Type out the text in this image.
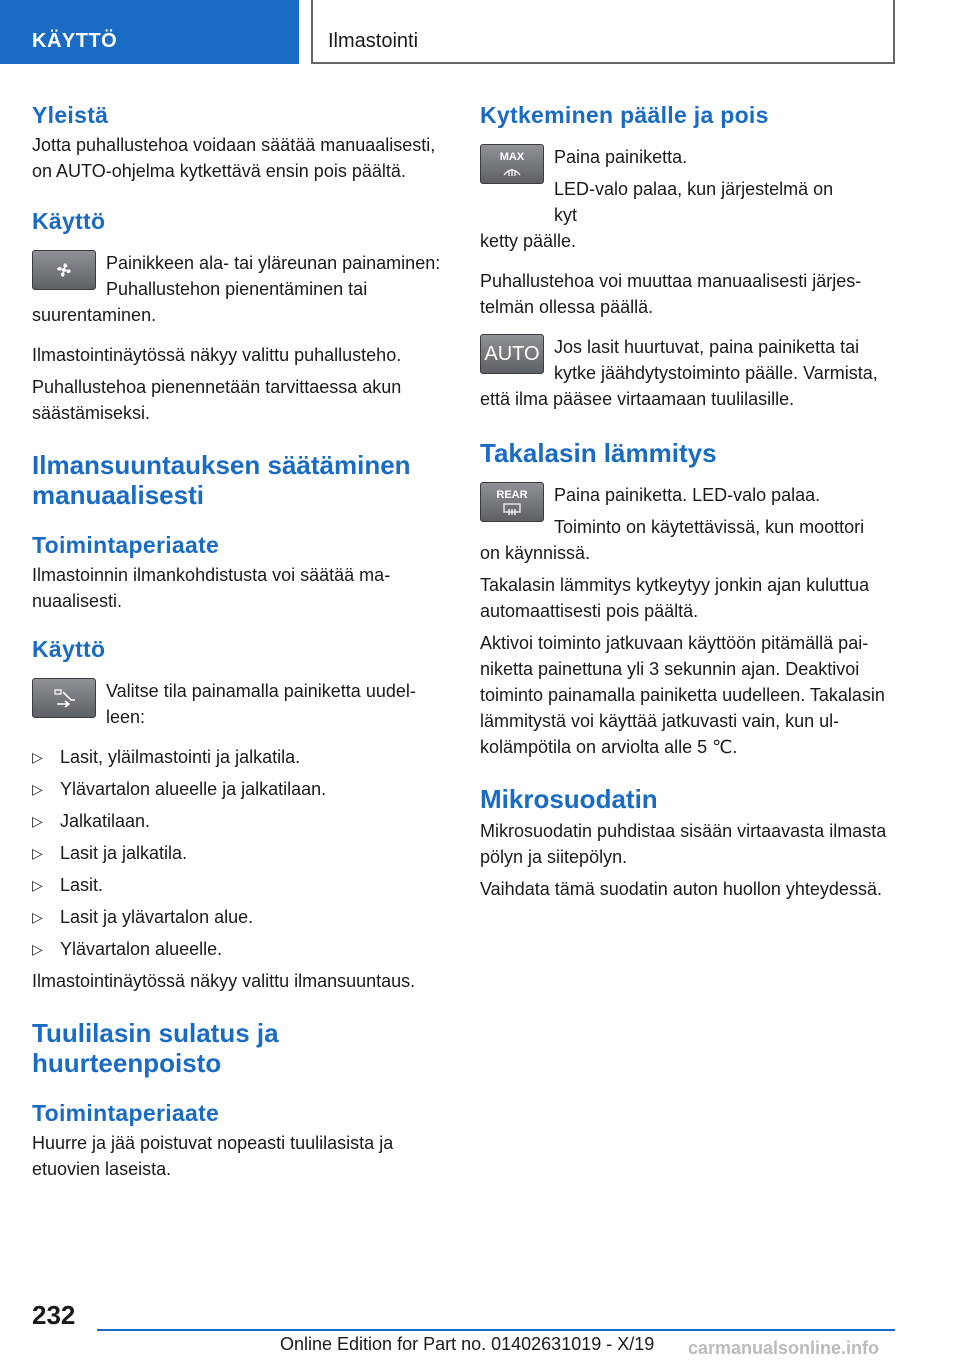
KÄYTTÖ	Ilmastointi
Yleistä

Jotta puhallustehoa voidaan säätää manuaalisesti, on AUTO-ohjelma kytkettävä ensin pois päältä.

Käyttö

Painikkeen ala- tai yläreunan painaminen: Puhallustehon pienentäminen tai

suurentaminen.

Ilmastointinäytössä näkyy valittu puhallusteho.

Puhallustehoa pienennetään tarvittaessa akun säästämiseksi.

Ilmansuuntauksen säätäminen manuaalisesti
Toimintaperiaate

Ilmastoinnin ilmankohdistusta voi säätää manuaalisesti.

Käyttö

Valitse tila painamalla painiketta uudelleen:

▷ Lasit, yläilmastointi ja jalkatila.
▷ Ylävartalon alueelle ja jalkatilaan.
▷ Jalkatilaan.
▷ Lasit ja jalkatila.
▷ Lasit.
▷ Lasit ja ylävartalon alue.
▷ Ylävartalon alueelle.

Ilmastointinäytössä näkyy valittu ilmansuuntaus.

Tuulilasin sulatus ja huurteenpoisto
Toimintaperiaate

Huurre ja jää poistuvat nopeasti tuulilasista ja etuovien laseista.

Kytkeminen päälle ja pois
MAX Paina painiketta.

LED-valo palaa, kun järjestelmä on kyt

ketty päälle.

Puhallustehoa voi muuttaa manuaalisesti järjestelmän ollessa päällä.

AUTO Jos lasit huurtuvat, paina painiketta tai kytke jäähdytystoiminto päälle. Varmista,

että ilma pääsee virtaamaan tuulilasille.

Takalasin lämmitys
REAR Paina painiketta. LED-valo palaa.

Toiminto on käytettävissä, kun moottori

on käynnissä.

Takalasin lämmitys kytkeytyy jonkin ajan kuluttua automaattisesti pois päältä.

Aktivoi toiminto jatkuvaan käyttöön pitämällä painiketta painettuna yli 3 sekunnin ajan. Deaktivoi toiminto painamalla painiketta uudelleen. Takalasin lämmitystä voi käyttää jatkuvasti vain, kun ulkolämpötila on arviolta alle 5 ℃.

Mikrosuodatin

Mikrosuodatin puhdistaa sisään virtaavasta ilmasta pölyn ja siitepölyn.

Vaihdata tämä suodatin auton huollon yhteydessä.

232
Online Edition for Part no. 01402631019 - X/19 carmanualsonline.info
